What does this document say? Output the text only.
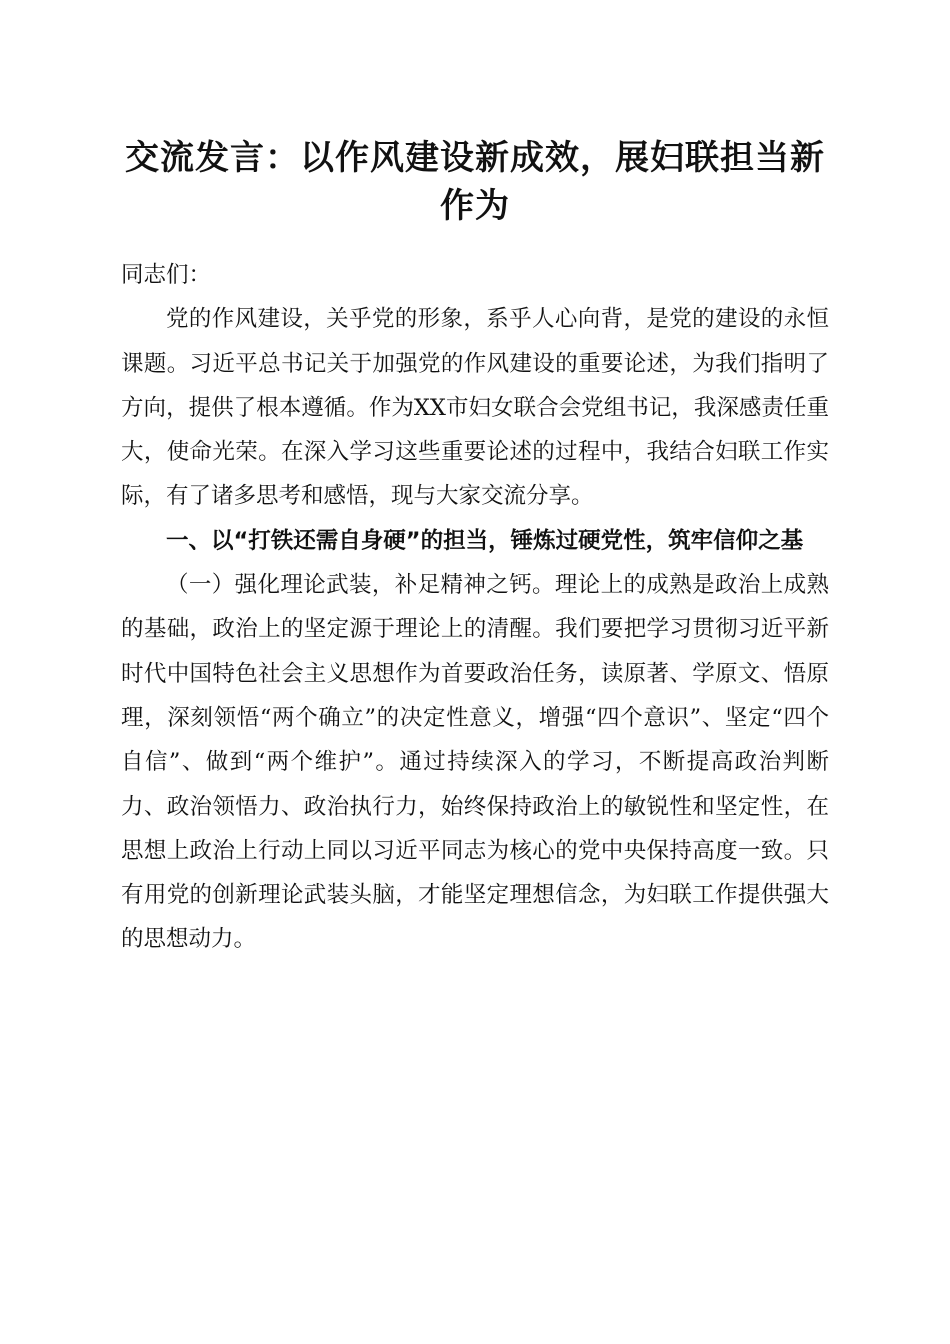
交流发言：以作风建设新成效，展妇联担当新作为

同志们：

党的作风建设，关乎党的形象，系乎人心向背，是党的建设的永恒课题。习近平总书记关于加强党的作风建设的重要论述，为我们指明了方向，提供了根本遵循。作为XX市妇女联合会党组书记，我深感责任重大，使命光荣。在深入学习这些重要论述的过程中，我结合妇联工作实际，有了诸多思考和感悟，现与大家交流分享。

一、以“打铁还需自身硬”的担当，锤炼过硬党性，筑牢信仰之基

（一）强化理论武装，补足精神之钙。理论上的成熟是政治上成熟的基础，政治上的坚定源于理论上的清醒。我们要把学习贯彻习近平新时代中国特色社会主义思想作为首要政治任务，读原著、学原文、悟原理，深刻领悟“两个确立”的决定性意义，增强“四个意识”、坚定“四个自信”、做到“两个维护”。通过持续深入的学习，不断提高政治判断力、政治领悟力、政治执行力，始终保持政治上的敏锐性和坚定性，在思想上政治上行动上同以习近平同志为核心的党中央保持高度一致。只有用党的创新理论武装头脑，才能坚定理想信念，为妇联工作提供强大的思想动力。
